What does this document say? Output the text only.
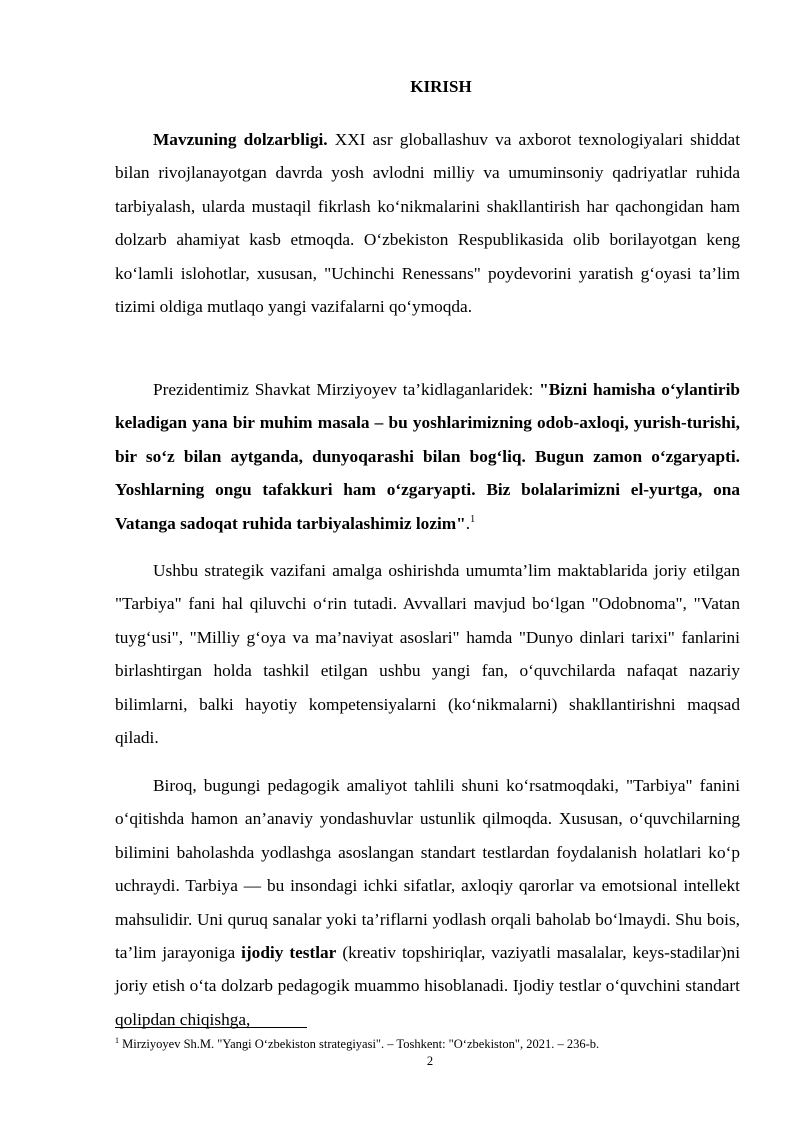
KIRISH

Mavzuning dolzarbligi. XXI asr globallashuv va axborot texnologiyalari shiddat bilan rivojlanayotgan davrda yosh avlodni milliy va umuminsoniy qadriyatlar ruhida tarbiyalash, ularda mustaqil fikrlash koʻnikmalarini shakllantirish har qachongidan ham dolzarb ahamiyat kasb etmoqda. Oʻzbekiston Respublikasida olib borilayotgan keng koʻlamli islohotlar, xususan, "Uchinchi Renessans" poydevorini yaratish gʻoyasi ta’lim tizimi oldiga mutlaqo yangi vazifalarni qoʻymoqda.

Prezidentimiz Shavkat Mirziyoyev ta’kidlaganlaridek: "Bizni hamisha oʻylantirib keladigan yana bir muhim masala – bu yoshlarimizning odob-axloqi, yurish-turishi, bir soʻz bilan aytganda, dunyoqarashi bilan bogʻliq. Bugun zamon oʻzgaryapti. Yoshlarning ongu tafakkuri ham oʻzgaryapti. Biz bolalarimizni el-yurtga, ona Vatanga sadoqat ruhida tarbiyalashimiz lozim".$^1$

Ushbu strategik vazifani amalga oshirishda umumta’lim maktablarida joriy etilgan "Tarbiya" fani hal qiluvchi oʻrin tutadi. Avvallari mavjud boʻlgan "Odobnoma", "Vatan tuygʻusi", "Milliy gʻoya va ma’naviyat asoslari" hamda "Dunyo dinlari tarixi" fanlarini birlashtirgan holda tashkil etilgan ushbu yangi fan, oʻquvchilarda nafaqat nazariy bilimlarni, balki hayotiy kompetensiyalarni (koʻnikmalarni) shakllantirishni maqsad qiladi.

Biroq, bugungi pedagogik amaliyot tahlili shuni koʻrsatmoqdaki, "Tarbiya" fanini oʻqitishda hamon an’anaviy yondashuvlar ustunlik qilmoqda. Xususan, oʻquvchilarning bilimini baholashda yodlashga asoslangan standart testlardan foydalanish holatlari koʻp uchraydi. Tarbiya — bu insondagi ichki sifatlar, axloqiy qarorlar va emotsional intellekt mahsulidir. Uni quruq sanalar yoki ta’riflarni yodlash orqali baholab boʻlmaydi. Shu bois, ta’lim jarayoniga ijodiy testlar (kreativ topshiriqlar, vaziyatli masalalar, keys-stadilar)ni joriy etish oʻta dolzarb pedagogik muammo hisoblanadi. Ijodiy testlar oʻquvchini standart qolipdan chiqishga,

$^1$ Mirziyoyev Sh.M. "Yangi Oʻzbekiston strategiyasi". – Toshkent: "Oʻzbekiston", 2021. – 236-b.
2
